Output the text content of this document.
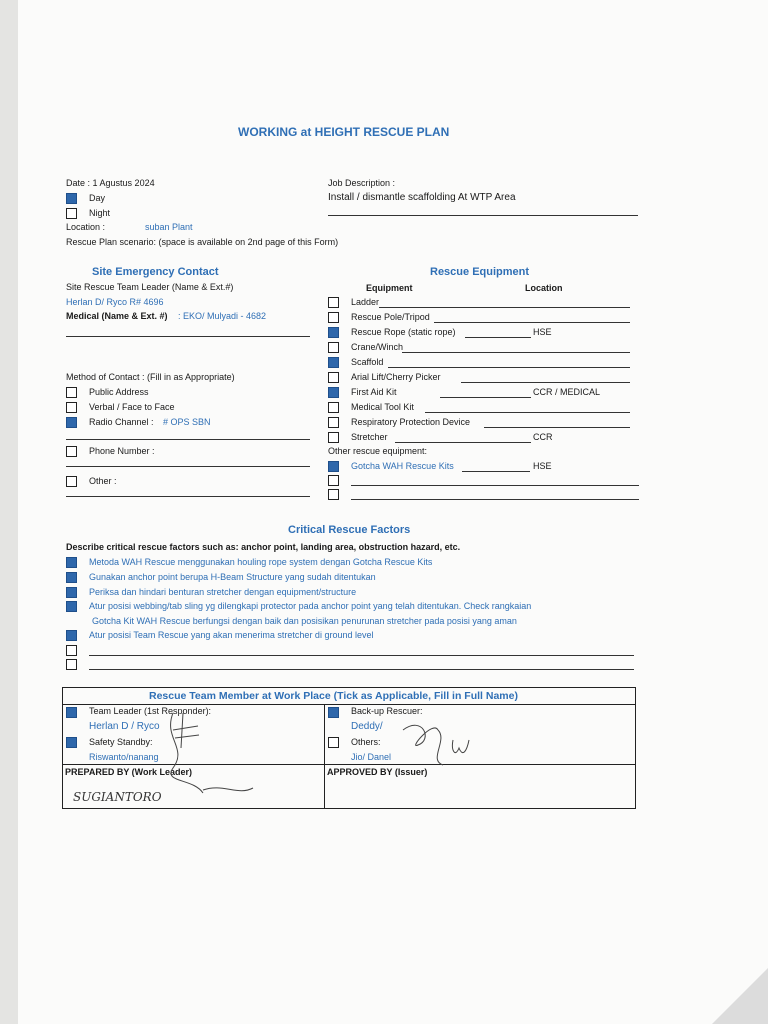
WORKING at HEIGHT RESCUE PLAN
Date : 1 Agustus 2024
Location :	suban Plant
Rescue Plan scenario: (space is available on 2nd page of this Form)
Job Description :
Install / dismantle scaffolding At WTP Area
Site Emergency Contact
Site Rescue Team Leader (Name & Ext.#)
Herlan D/ Ryco R# 4696
Medical (Name & Ext. #) : EKO/ Mulyadi - 4682
Method of Contact : (Fill in as Appropriate)
Rescue Equipment
Equipment	Location
Other rescue equipment:
Critical Rescue Factors
Describe critical rescue factors such as: anchor point, landing area, obstruction hazard, etc.
Rescue Team Member at Work Place (Tick as Applicable, Fill in Full Name)
Team Leader (1st Responder):
Herlan D / Ryco
Safety Standby:
Riswanto/nanang
Back-up Rescuer:
Deddy/
Others:
Jio/ Danel
PREPARED BY (Work Leader)
SUGIANTORO
APPROVED BY (Issuer)
Day
Night
Public Address
Verbal / Face to Face
Radio Channel : # OPS SBN
Phone Number :
Other :
Ladder
Rescue Pole/Tripod
Rescue Rope (static rope)	HSE
Crane/Winch
Scaffold
Arial Lift/Cherry Picker
First Aid Kit	CCR / MEDICAL
Medical Tool Kit
Respiratory Protection Device
Stretcher	CCR
Gotcha WAH Rescue Kits	HSE
Metoda WAH Rescue menggunakan houling rope system dengan Gotcha Rescue Kits
Gunakan anchor point berupa H-Beam Structure yang sudah ditentukan
Periksa dan hindari benturan stretcher dengan equipment/structure
Atur posisi webbing/tab sling yg dilengkapi protector pada anchor point yang telah ditentukan. Check rangkaian
Gotcha Kit WAH Rescue berfungsi dengan baik dan posisikan penurunan stretcher pada posisi yang aman
Atur posisi Team Rescue yang akan menerima stretcher di ground level
